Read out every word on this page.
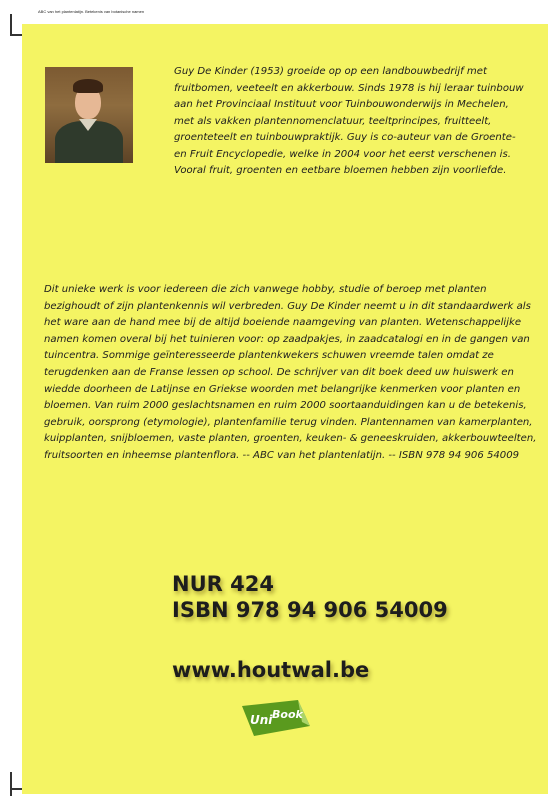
ABC van het plantenlatijn. Betekenis van botanische namen

Guy De Kinder (1953) groeide op op een landbouwbedrijf met fruitbomen, veeteelt en akkerbouw. Sinds 1978 is hij leraar tuinbouw aan het Provinciaal Instituut voor Tuinbouwonderwijs in Mechelen, met als vakken plantennomenclatuur, teeltprincipes, fruitteelt, groenteteelt en tuinbouwpraktijk. Guy is co-auteur van de Groente- en Fruit Encyclopedie, welke in 2004 voor het eerst verschenen is. Vooral fruit, groenten en eetbare bloemen hebben zijn voorliefde.

Dit unieke werk is voor iedereen die zich vanwege hobby, studie of beroep met planten bezighoudt of zijn plantenkennis wil verbreden. Guy De Kinder neemt u in dit standaardwerk als het ware aan de hand mee bij de altijd boeiende naamgeving van planten. Wetenschappelijke namen komen overal bij het tuinieren voor: op zaadpakjes, in zaadcatalogi en in de gangen van tuincentra. Sommige geïnteresseerde plantenkwekers schuwen vreemde talen omdat ze terugdenken aan de Franse lessen op school. De schrijver van dit boek deed uw huiswerk en wiedde doorheen de Latijnse en Griekse woorden met belangrijke kenmerken voor planten en bloemen. Van ruim 2000 geslachtsnamen en ruim 2000 soortaanduidingen kan u de betekenis, gebruik, oorsprong (etymologie), plantenfamilie terug vinden. Plantennamen van kamerplanten, kuipplanten, snijbloemen, vaste planten, groenten, keuken- & geneeskruiden, akkerbouwteelten, fruitsoorten en inheemse plantenflora. -- ABC van het plantenlatijn. -- ISBN 978 94 906 54009

NUR 424
ISBN 978 94 906 54009
www.houtwal.be
Uni Book
